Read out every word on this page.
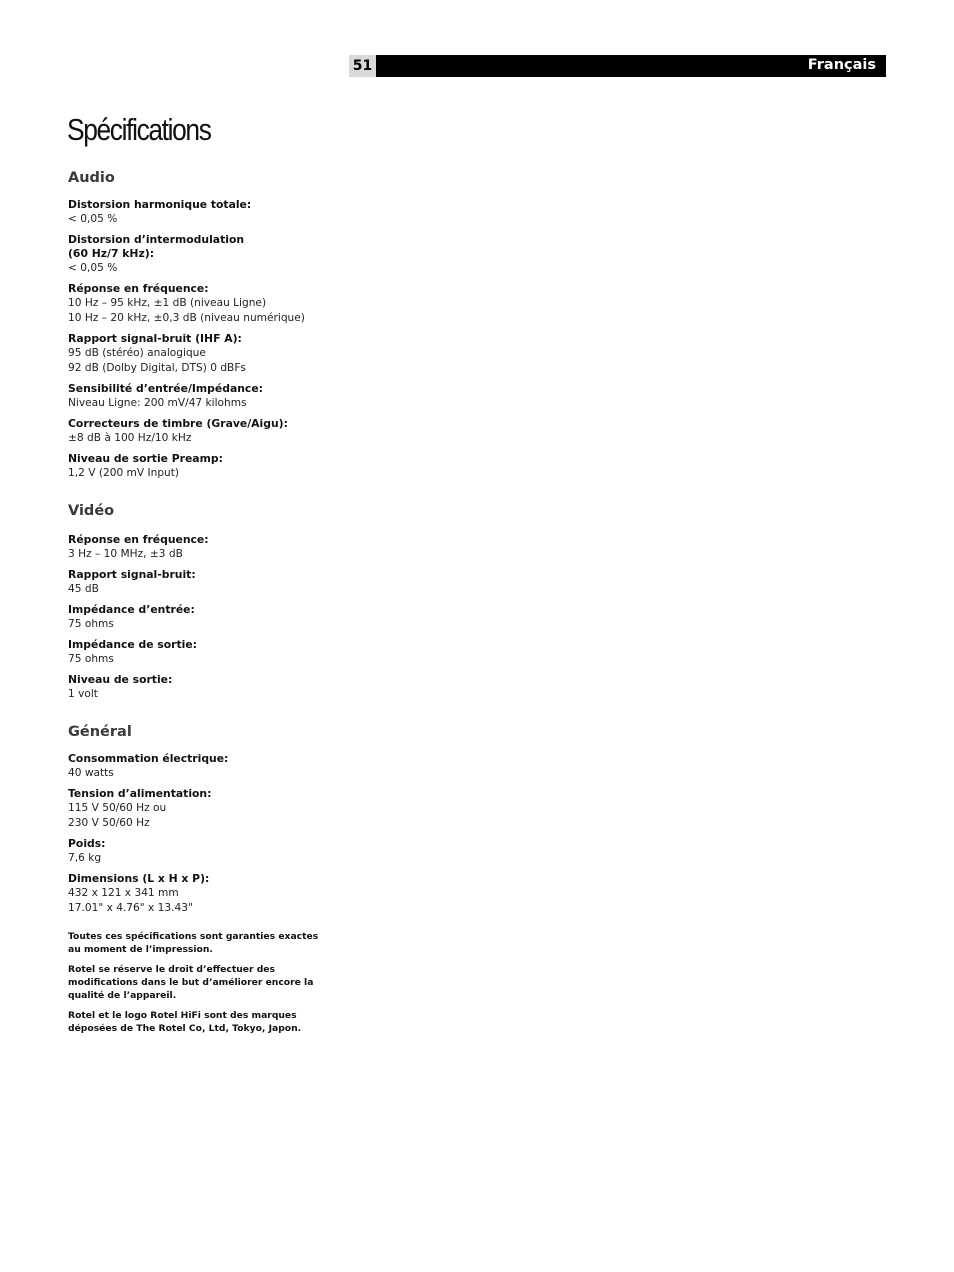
51	Français
Spécifications
Audio
Distorsion harmonique totale:
< 0,05 %
Distorsion d’intermodulation
(60 Hz/7 kHz):
< 0,05 %
Réponse en fréquence:
10 Hz – 95 kHz, ±1 dB (niveau Ligne)
10 Hz – 20 kHz, ±0,3 dB (niveau numérique)
Rapport signal-bruit (IHF A):
95 dB (stéréo) analogique
92 dB (Dolby Digital, DTS) 0 dBFs
Sensibilité d’entrée/Impédance:
Niveau Ligne: 200 mV/47 kilohms
Correcteurs de timbre (Grave/Aigu):
±8 dB à 100 Hz/10 kHz
Niveau de sortie Preamp:
1,2 V (200 mV Input)
Vidéo
Réponse en fréquence:
3 Hz – 10 MHz, ±3 dB
Rapport signal-bruit:
45 dB
Impédance d’entrée:
75 ohms
Impédance de sortie:
75 ohms
Niveau de sortie:
1 volt
Général
Consommation électrique:
40 watts
Tension d’alimentation:
115 V 50/60 Hz ou
230 V 50/60 Hz
Poids:
7,6 kg
Dimensions (L x H x P):
432 x 121 x 341 mm
17.01" x 4.76" x 13.43"
Toutes ces spécifications sont garanties exactes au moment de l’impression.
Rotel se réserve le droit d’effectuer des modifications dans le but d’améliorer encore la qualité de l’appareil.
Rotel et le logo Rotel HiFi sont des marques déposées de The Rotel Co, Ltd, Tokyo, Japon.
